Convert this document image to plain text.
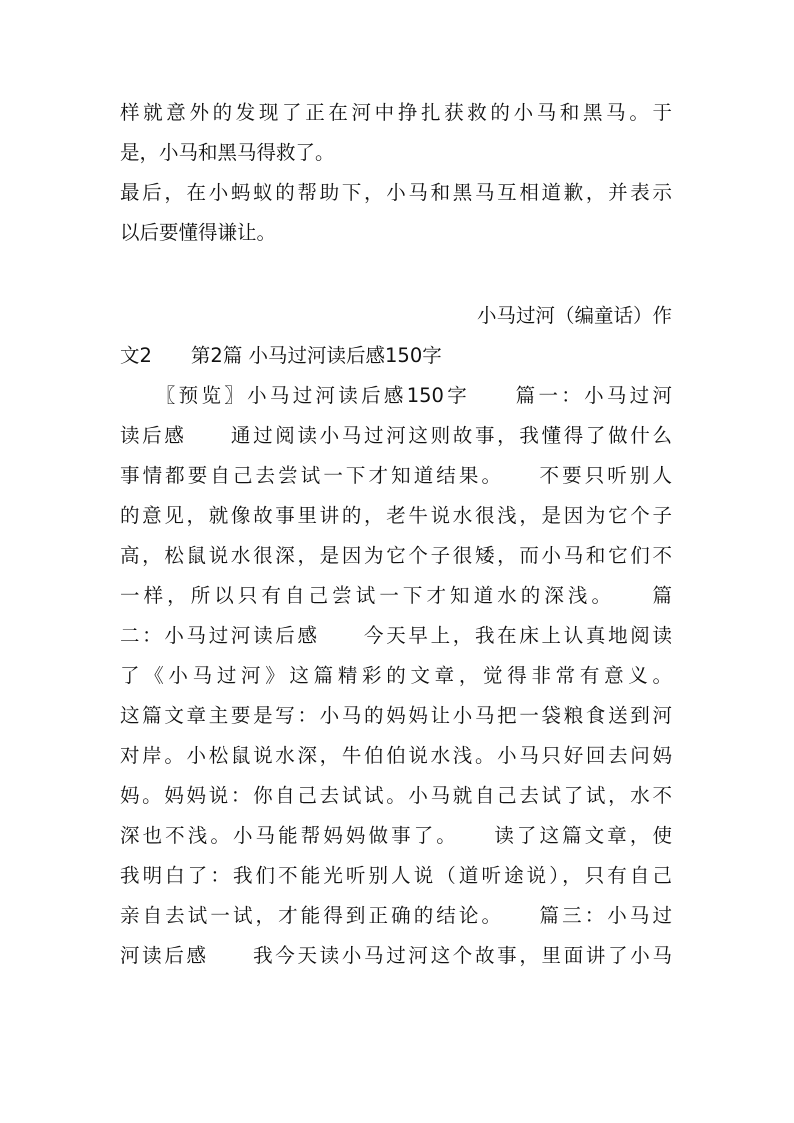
样就意外的发现了正在河中挣扎获救的小马和黑马。于
是，小马和黑马得救了。
最后，在小蚂蚁的帮助下，小马和黑马互相道歉，并表示
以后要懂得谦让。
小马过河（编童话）作
文2　　第2篇 小马过河读后感150字
　　〖预览〗小马过河读后感150字　　篇一：小马过河
读后感　　通过阅读小马过河这则故事，我懂得了做什么
事情都要自己去尝试一下才知道结果。　　不要只听别人
的意见，就像故事里讲的，老牛说水很浅，是因为它个子
高，松鼠说水很深，是因为它个子很矮，而小马和它们不
一样，所以只有自己尝试一下才知道水的深浅。　　篇
二：小马过河读后感　　今天早上，我在床上认真地阅读
了《小马过河》这篇精彩的文章，觉得非常有意义。
这篇文章主要是写：小马的妈妈让小马把一袋粮食送到河
对岸。小松鼠说水深，牛伯伯说水浅。小马只好回去问妈
妈。妈妈说：你自己去试试。小马就自己去试了试，水不
深也不浅。小马能帮妈妈做事了。　　读了这篇文章，使
我明白了：我们不能光听别人说（道听途说），只有自己
亲自去试一试，才能得到正确的结论。　　篇三：小马过
河读后感　　我今天读小马过河这个故事，里面讲了小马
